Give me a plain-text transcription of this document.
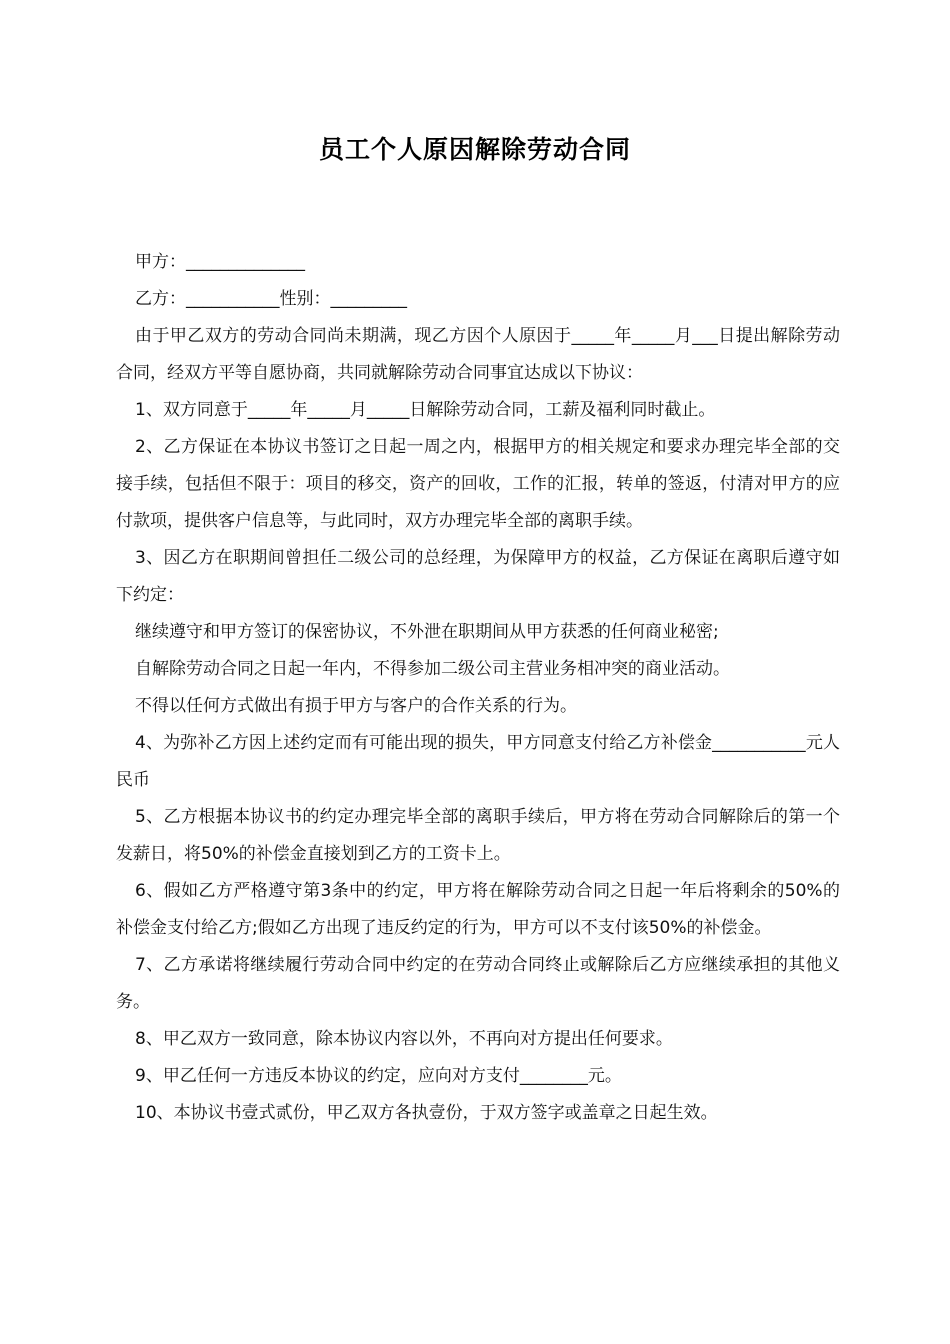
员工个人原因解除劳动合同

甲方：______________

乙方：___________性别：_________

由于甲乙双方的劳动合同尚未期满，现乙方因个人原因于_____年_____月___日提出解除劳动合同，经双方平等自愿协商，共同就解除劳动合同事宜达成以下协议：

1、双方同意于_____年_____月_____日解除劳动合同，工薪及福利同时截止。

2、乙方保证在本协议书签订之日起一周之内，根据甲方的相关规定和要求办理完毕全部的交接手续，包括但不限于：项目的移交，资产的回收，工作的汇报，转单的签返，付清对甲方的应付款项，提供客户信息等，与此同时，双方办理完毕全部的离职手续。

3、因乙方在职期间曾担任二级公司的总经理，为保障甲方的权益，乙方保证在离职后遵守如下约定：

继续遵守和甲方签订的保密协议，不外泄在职期间从甲方获悉的任何商业秘密;

自解除劳动合同之日起一年内，不得参加二级公司主营业务相冲突的商业活动。

不得以任何方式做出有损于甲方与客户的合作关系的行为。

4、为弥补乙方因上述约定而有可能出现的损失，甲方同意支付给乙方补偿金___________元人民币

5、乙方根据本协议书的约定办理完毕全部的离职手续后，甲方将在劳动合同解除后的第一个发薪日，将50%的补偿金直接划到乙方的工资卡上。

6、假如乙方严格遵守第3条中的约定，甲方将在解除劳动合同之日起一年后将剩余的50%的补偿金支付给乙方;假如乙方出现了违反约定的行为，甲方可以不支付该50%的补偿金。

7、乙方承诺将继续履行劳动合同中约定的在劳动合同终止或解除后乙方应继续承担的其他义务。

8、甲乙双方一致同意，除本协议内容以外，不再向对方提出任何要求。

9、甲乙任何一方违反本协议的约定，应向对方支付________元。

10、本协议书壹式贰份，甲乙双方各执壹份，于双方签字或盖章之日起生效。
